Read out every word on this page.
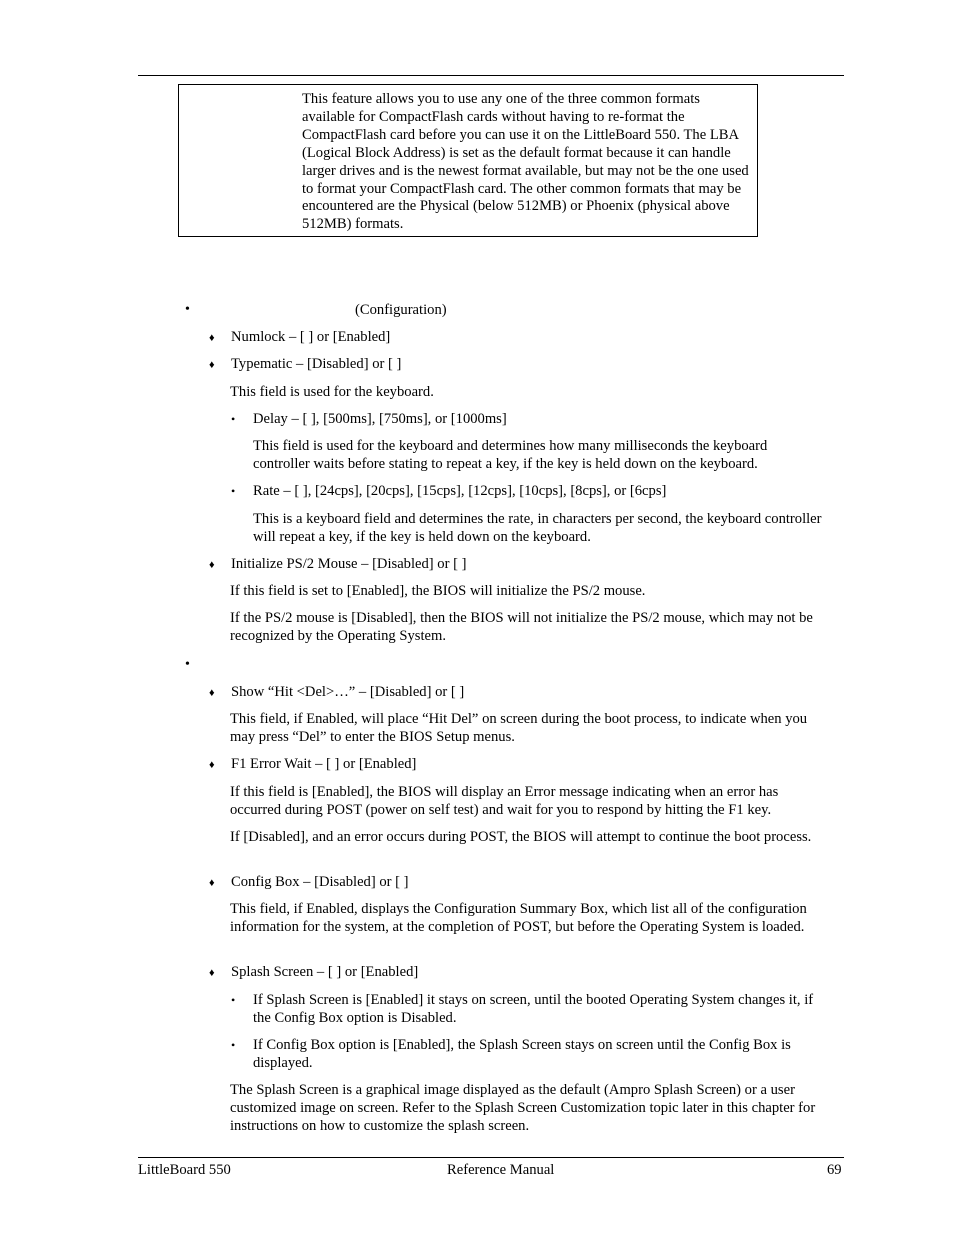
This feature allows you to use any one of the three common formats available for CompactFlash cards without having to re-format the CompactFlash card before you can use it on the LittleBoard 550. The LBA (Logical Block Address) is set as the default format because it can handle larger drives and is the newest format available, but may not be the one used to format your CompactFlash card. The other common formats that may be encountered are the Physical (below 512MB) or Phoenix (physical above 512MB) formats.

•	(Configuration)
♦ Numlock – [ ] or [Enabled]
♦ Typematic – [Disabled] or [ ]
This field is used for the keyboard.
• Delay – [ ], [500ms], [750ms], or [1000ms]

This field is used for the keyboard and determines how many milliseconds the keyboard controller waits before stating to repeat a key, if the key is held down on the keyboard.

• Rate – [ ], [24cps], [20cps], [15cps], [12cps], [10cps], [8cps], or [6cps]

This is a keyboard field and determines the rate, in characters per second, the keyboard controller will repeat a key, if the key is held down on the keyboard.

♦ Initialize PS/2 Mouse – [Disabled] or [ ]
If this field is set to [Enabled], the BIOS will initialize the PS/2 mouse.

If the PS/2 mouse is [Disabled], then the BIOS will not initialize the PS/2 mouse, which may not be recognized by the Operating System.

•
♦ Show “Hit <Del>…” – [Disabled] or [ ]

This field, if Enabled, will place “Hit Del” on screen during the boot process, to indicate when you may press “Del” to enter the BIOS Setup menus.

♦ F1 Error Wait – [ ] or [Enabled]

If this field is [Enabled], the BIOS will display an Error message indicating when an error has occurred during POST (power on self test) and wait for you to respond by hitting the F1 key.

If [Disabled], and an error occurs during POST, the BIOS will attempt to continue the boot process.

♦ Config Box – [Disabled] or [ ]

This field, if Enabled, displays the Configuration Summary Box, which list all of the configuration information for the system, at the completion of POST, but before the Operating System is loaded.

♦ Splash Screen – [ ] or [Enabled]
• If Splash Screen is [Enabled] it stays on screen, until the booted Operating System changes it, if the Config Box option is Disabled.

• If Config Box option is [Enabled], the Splash Screen stays on screen until the Config Box is displayed.

The Splash Screen is a graphical image displayed as the default (Ampro Splash Screen) or a user customized image on screen. Refer to the Splash Screen Customization topic later in this chapter for instructions on how to customize the splash screen.

LittleBoard 550	Reference Manual	69
